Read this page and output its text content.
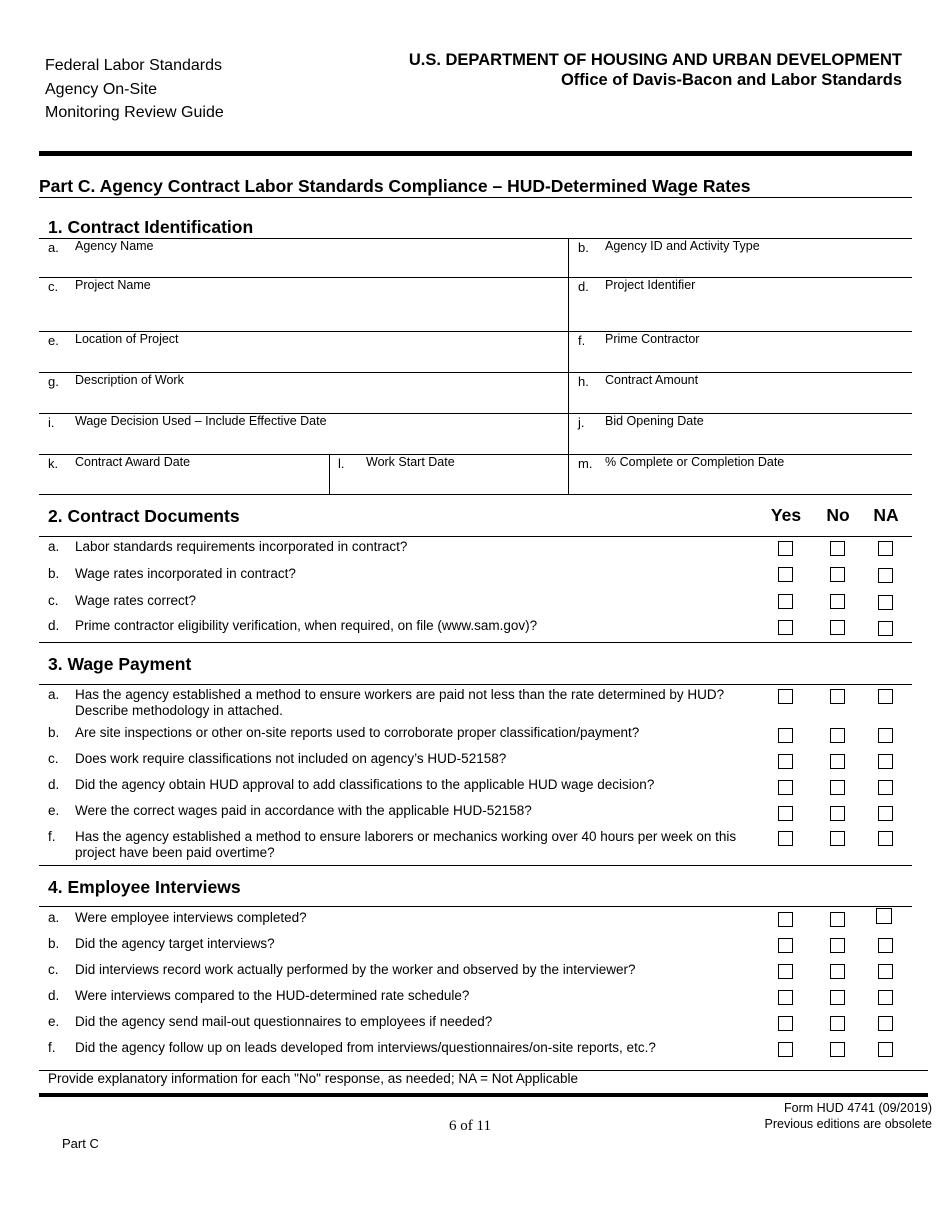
Federal Labor Standards
Agency On-Site
Monitoring Review Guide
U.S. DEPARTMENT OF HOUSING AND URBAN DEVELOPMENT
Office of Davis-Bacon and Labor Standards
Part C. Agency Contract Labor Standards Compliance – HUD-Determined Wage Rates
1. Contract Identification
a. Agency Name	b. Agency ID and Activity Type
c. Project Name	d. Project Identifier
e. Location of Project	f. Prime Contractor
g. Description of Work	h. Contract Amount
i. Wage Decision Used – Include Effective Date	j. Bid Opening Date
k. Contract Award Date	l. Work Start Date	m. % Complete or Completion Date
2. Contract Documents	Yes	No	NA
a. Labor standards requirements incorporated in contract?
b. Wage rates incorporated in contract?
c. Wage rates correct?
d. Prime contractor eligibility verification, when required, on file (www.sam.gov)?
3. Wage Payment
a. Has the agency established a method to ensure workers are paid not less than the rate determined by HUD? Describe methodology in attached.
b. Are site inspections or other on-site reports used to corroborate proper classification/payment?
c. Does work require classifications not included on agency’s HUD-52158?
d. Did the agency obtain HUD approval to add classifications to the applicable HUD wage decision?
e. Were the correct wages paid in accordance with the applicable HUD-52158?
f. Has the agency established a method to ensure laborers or mechanics working over 40 hours per week on this project have been paid overtime?
4. Employee Interviews
a. Were employee interviews completed?
b. Did the agency target interviews?
c. Did interviews record work actually performed by the worker and observed by the interviewer?
d. Were interviews compared to the HUD-determined rate schedule?
e. Did the agency send mail-out questionnaires to employees if needed?
f. Did the agency follow up on leads developed from interviews/questionnaires/on-site reports, etc.?
Provide explanatory information for each "No" response, as needed; NA = Not Applicable
Form HUD 4741 (09/2019)
Previous editions are obsolete
6 of 11
Part C
